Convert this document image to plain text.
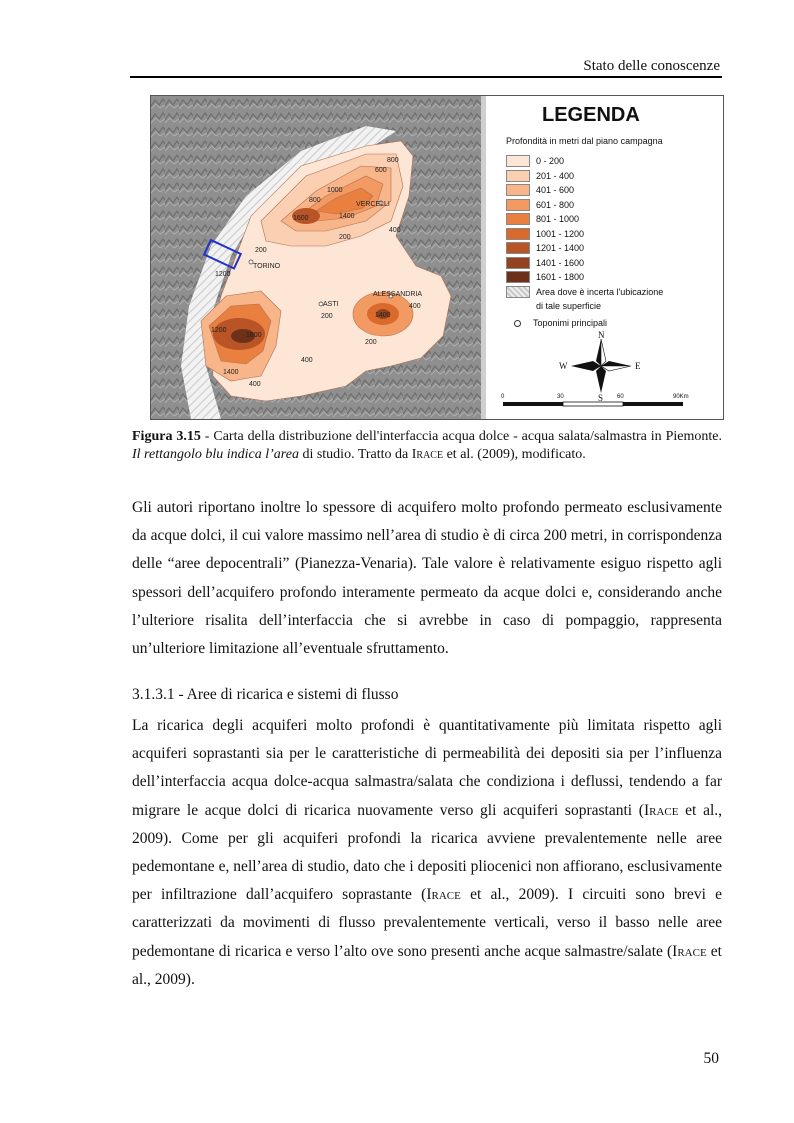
Stato delle conoscenze
TORINO
VERCELLI
ASTI
ALESSANDRIA
1600	1400
1000
800
600
800
400
200
200
1200
1200
1600
1400
1400
400
200
200
400
400
LEGENDA
Profondità in metri dal piano campagna
0 - 200
201 - 400
401 - 600
601 - 800
801 - 1000
1001 - 1200
1201 - 1400
1401 - 1600
1601 - 1800
Area dove è incerta l'ubicazione
di tale superficie
Toponimi principali
N
S
W	E
0	30	60	90Km
Figura 3.15 - Carta della distribuzione dell'interfaccia acqua dolce - acqua salata/salmastra in Piemonte. Il rettangolo blu indica l’area di studio. Tratto da Irace et al. (2009), modificato.
Gli autori riportano inoltre lo spessore di acquifero molto profondo permeato esclusivamente da acque dolci, il cui valore massimo nell’area di studio è di circa 200 metri, in corrispondenza delle “aree depocentrali” (Pianezza-Venaria). Tale valore è relativamente esiguo rispetto agli spessori dell’acquifero profondo interamente permeato da acque dolci e, considerando anche l’ulteriore risalita dell’interfaccia che si avrebbe in caso di pompaggio, rappresenta un’ulteriore limitazione all’eventuale sfruttamento.
3.1.3.1 - Aree di ricarica e sistemi di flusso
La ricarica degli acquiferi molto profondi è quantitativamente più limitata rispetto agli acquiferi soprastanti sia per le caratteristiche di permeabilità dei depositi sia per l’influenza dell’interfaccia acqua dolce-acqua salmastra/salata che condiziona i deflussi, tendendo a far migrare le acque dolci di ricarica nuovamente verso gli acquiferi soprastanti (Irace et al., 2009). Come per gli acquiferi profondi la ricarica avviene prevalentemente nelle aree pedemontane e, nell’area di studio, dato che i depositi pliocenici non affiorano, esclusivamente per infiltrazione dall’acquifero soprastante (Irace et al., 2009). I circuiti sono brevi e caratterizzati da movimenti di flusso prevalentemente verticali, verso il basso nelle aree pedemontane di ricarica e verso l’alto ove sono presenti anche acque salmastre/salate (Irace et al., 2009).
50
